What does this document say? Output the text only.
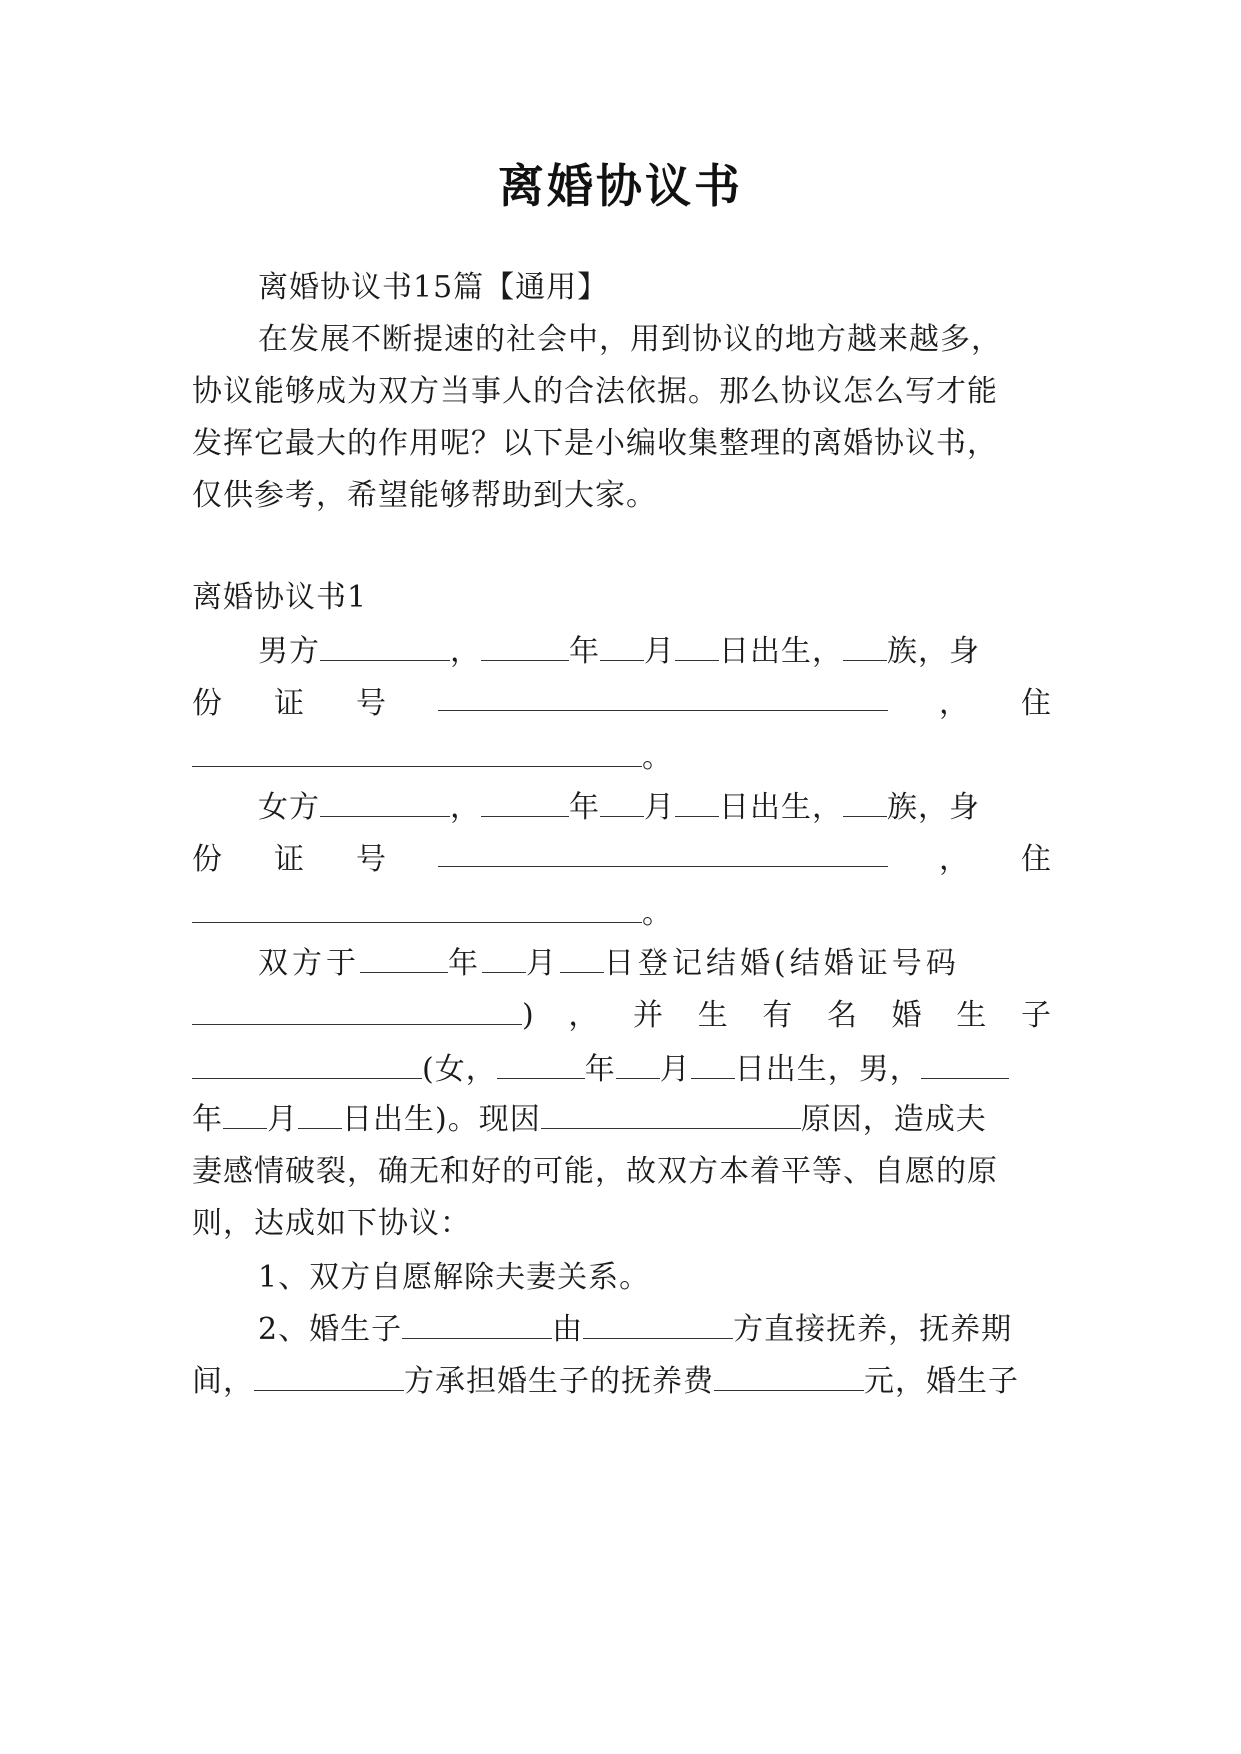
离婚协议书
离婚协议书15篇【通用】
在发展不断提速的社会中，用到协议的地方越来越多，
协议能够成为双方当事人的合法依据。那么协议怎么写才能
发挥它最大的作用呢？以下是小编收集整理的离婚协议书，
仅供参考，希望能够帮助到大家。
离婚协议书1
男方	，	年 月 日出生， 族，身
份 证 号	， 住
。
女方	，	年 月 日出生， 族，身
份 证 号	， 住
。
双方于	年 月 日登记结婚(结婚证号码
) ， 并 生 有 名 婚 生 子
(女，	年 月 日出生，男，
年 月 日出生)。现因	原因，造成夫
妻感情破裂，确无和好的可能，故双方本着平等、自愿的原
则，达成如下协议：
1、双方自愿解除夫妻关系。
2、婚生子	由	方直接抚养，抚养期
间，	方承担婚生子的抚养费	元，婚生子
